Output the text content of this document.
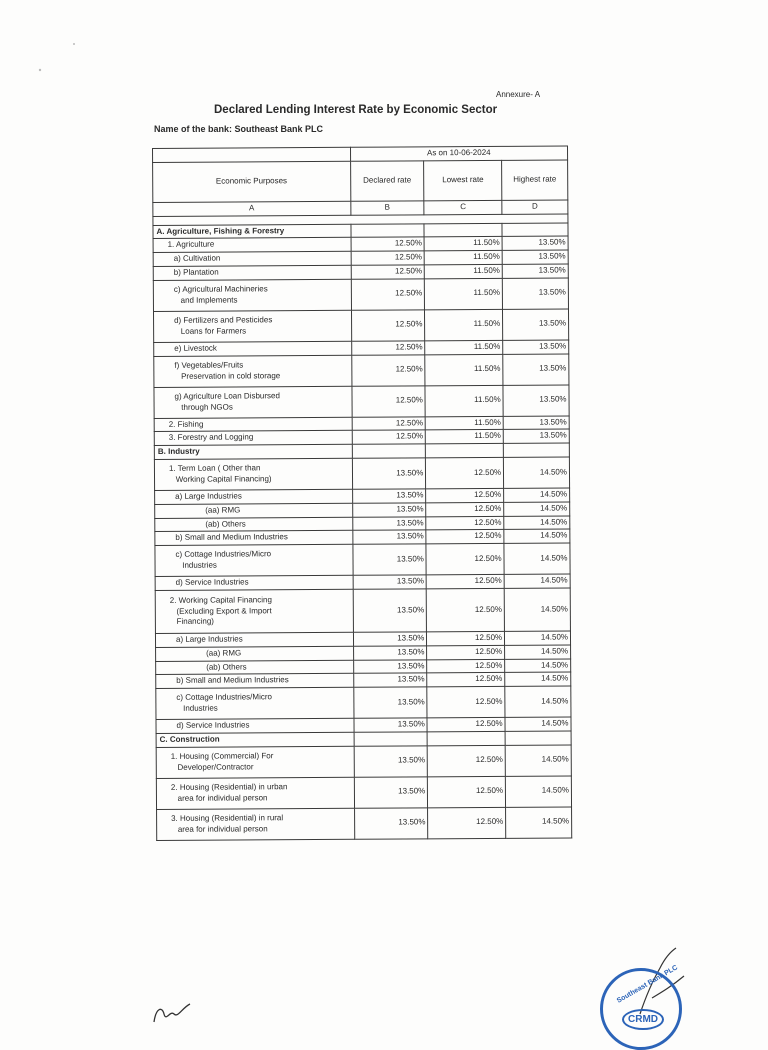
Annexure- A
Declared Lending Interest Rate by Economic Sector
Name of the bank: Southeast Bank PLC
	As on 10-06-2024		
Economic Purposes	Declared rate	Lowest rate	Highest rate
A	B	C	D

A. Agriculture, Fishing & Forestry			
1. Agriculture	12.50%	11.50%	13.50%
a) Cultivation	12.50%	11.50%	13.50%
b) Plantation	12.50%	11.50%	13.50%
c) Agricultural Machineries
and Implements	12.50%	11.50%	13.50%
d) Fertilizers and Pesticides
Loans for Farmers	12.50%	11.50%	13.50%
e) Livestock	12.50%	11.50%	13.50%
f) Vegetables/Fruits
Preservation in cold storage	12.50%	11.50%	13.50%
g) Agriculture Loan Disbursed
through NGOs	12.50%	11.50%	13.50%
2. Fishing	12.50%	11.50%	13.50%
3. Forestry and Logging	12.50%	11.50%	13.50%
B. Industry			
1. Term Loan ( Other than
Working Capital Financing)	13.50%	12.50%	14.50%
a) Large Industries	13.50%	12.50%	14.50%
(aa) RMG	13.50%	12.50%	14.50%
(ab) Others	13.50%	12.50%	14.50%
b) Small and Medium Industries	13.50%	12.50%	14.50%
c) Cottage Industries/Micro
Industries	13.50%	12.50%	14.50%
d) Service Industries	13.50%	12.50%	14.50%
2. Working Capital Financing
(Excluding Export & Import
Financing)	13.50%	12.50%	14.50%
a) Large Industries	13.50%	12.50%	14.50%
(aa) RMG	13.50%	12.50%	14.50%
(ab) Others	13.50%	12.50%	14.50%
b) Small and Medium Industries	13.50%	12.50%	14.50%
c) Cottage Industries/Micro
Industries	13.50%	12.50%	14.50%
d) Service Industries	13.50%	12.50%	14.50%
C. Construction			
1. Housing (Commercial) For
Developer/Contractor	13.50%	12.50%	14.50%
2. Housing (Residential) in urban
area for individual person	13.50%	12.50%	14.50%
3. Housing (Residential) in rural
area for individual person	13.50%	12.50%	14.50%
Southeast Bank PLC
CRMD
